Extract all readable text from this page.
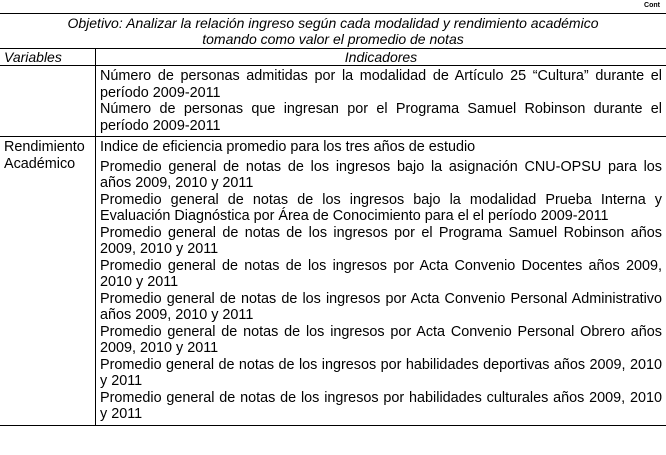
Cont
Objetivo: Analizar la relación ingreso según cada modalidad y rendimiento académico
tomando como valor el promedio de notas
Variables	Indicadores

Número de personas admitidas por la modalidad de Artículo 25 “Cultura” durante el período 2009-2011

Número de personas que ingresan por el Programa Samuel Robinson durante el período 2009-2011

Rendimiento
Académico

Indice de eficiencia promedio para los tres años de estudio

Promedio general de notas de los ingresos bajo la asignación CNU-OPSU para los años 2009, 2010 y 2011

Promedio general de notas de los ingresos bajo la modalidad Prueba Interna y Evaluación Diagnóstica por Área de Conocimiento para el el período 2009-2011

Promedio general de notas de los ingresos por el Programa Samuel Robinson años 2009, 2010 y 2011

Promedio general de notas de los ingresos por Acta Convenio Docentes años 2009, 2010 y 2011

Promedio general de notas de los ingresos por Acta Convenio Personal Administrativo años 2009, 2010 y 2011

Promedio general de notas de los ingresos por Acta Convenio Personal Obrero años 2009, 2010 y 2011

Promedio general de notas de los ingresos por habilidades deportivas años 2009, 2010 y 2011

Promedio general de notas de los ingresos por habilidades culturales años 2009, 2010 y 2011
